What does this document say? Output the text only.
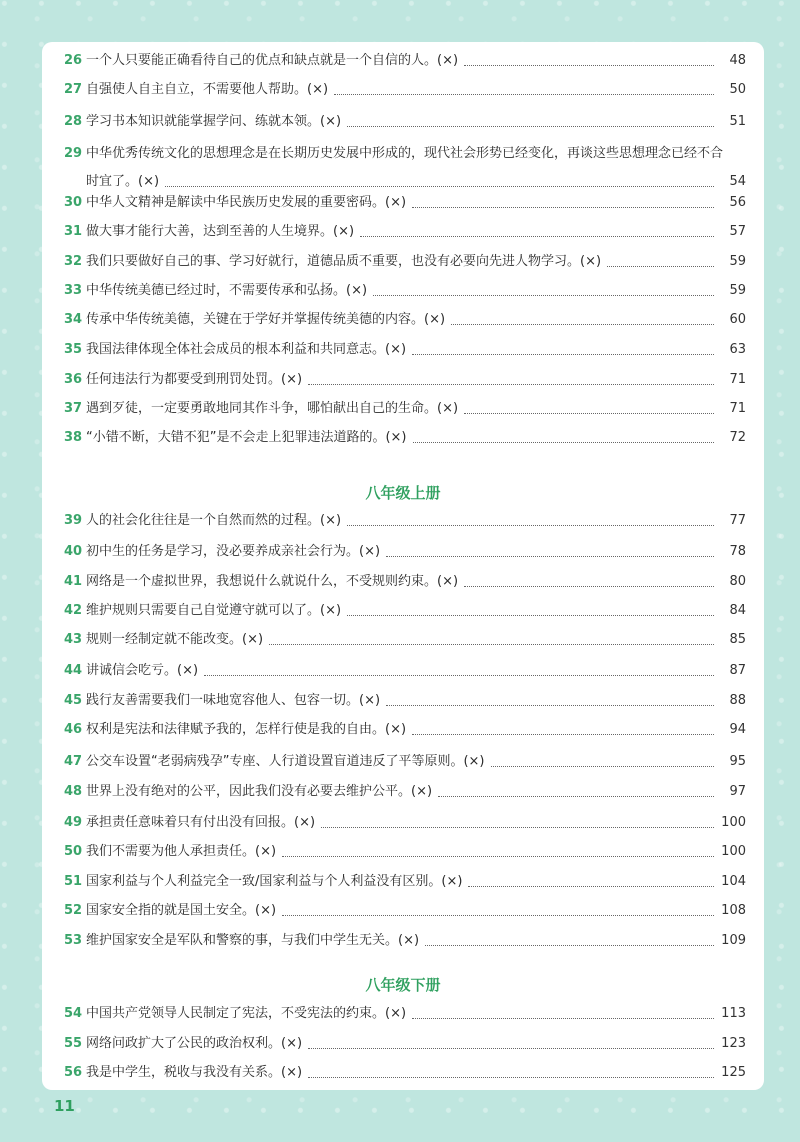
26 一个人只要能正确看待自己的优点和缺点就是一个自信的人。(×)	48
27 自强使人自主自立，不需要他人帮助。(×)	50
28 学习书本知识就能掌握学问、练就本领。(×)	51
29 中华优秀传统文化的思想理念是在长期历史发展中形成的，现代社会形势已经变化，再谈这些思想理念已经不合
时宜了。(×)	54
30 中华人文精神是解读中华民族历史发展的重要密码。(×)	56
31 做大事才能行大善，达到至善的人生境界。(×)	57
32 我们只要做好自己的事、学习好就行，道德品质不重要，也没有必要向先进人物学习。(×)	59
33 中华传统美德已经过时，不需要传承和弘扬。(×)	59
34 传承中华传统美德，关键在于学好并掌握传统美德的内容。(×)	60
35 我国法律体现全体社会成员的根本利益和共同意志。(×)	63
36 任何违法行为都要受到刑罚处罚。(×)	71
37 遇到歹徒，一定要勇敢地同其作斗争，哪怕献出自己的生命。(×)	71
38 “小错不断，大错不犯”是不会走上犯罪违法道路的。(×)	72
39 人的社会化往往是一个自然而然的过程。(×)	77
40 初中生的任务是学习，没必要养成亲社会行为。(×)	78
41 网络是一个虚拟世界，我想说什么就说什么，不受规则约束。(×)	80
42 维护规则只需要自己自觉遵守就可以了。(×)	84
43 规则一经制定就不能改变。(×)	85
44 讲诚信会吃亏。(×)	87
45 践行友善需要我们一味地宽容他人、包容一切。(×)	88
46 权利是宪法和法律赋予我的，怎样行使是我的自由。(×)	94
47 公交车设置“老弱病残孕”专座、人行道设置盲道违反了平等原则。(×)	95
48 世界上没有绝对的公平，因此我们没有必要去维护公平。(×)	97
49 承担责任意味着只有付出没有回报。(×)	100
50 我们不需要为他人承担责任。(×)	100
51 国家利益与个人利益完全一致/国家利益与个人利益没有区别。(×)	104
52 国家安全指的就是国土安全。(×)	108
53 维护国家安全是军队和警察的事，与我们中学生无关。(×)	109
54 中国共产党领导人民制定了宪法，不受宪法的约束。(×)	113
55 网络问政扩大了公民的政治权利。(×)	123
56 我是中学生，税收与我没有关系。(×)	125
八年级上册
八年级下册
11
